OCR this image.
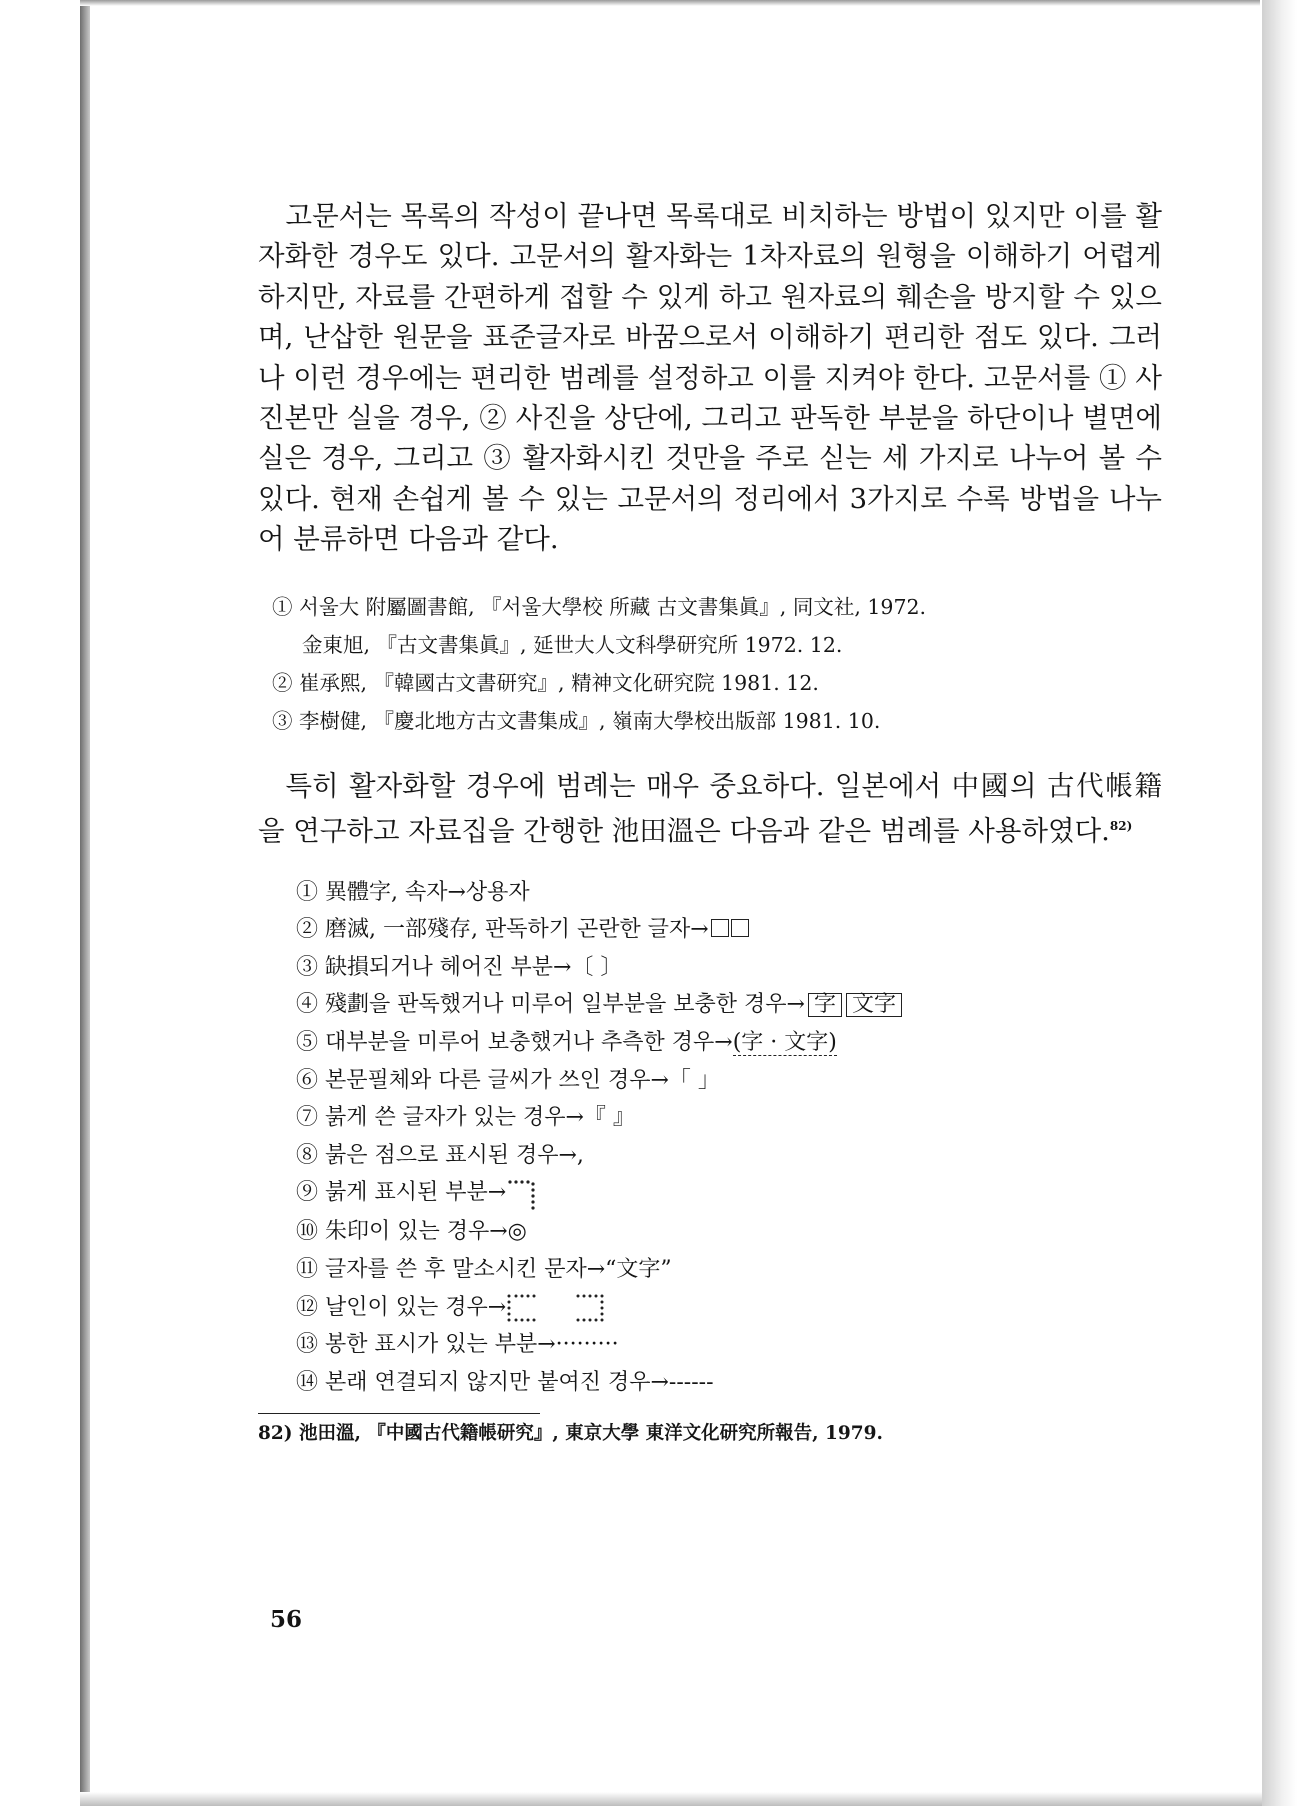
고문서는 목록의 작성이 끝나면 목록대로 비치하는 방법이 있지만 이를 활자화한 경우도 있다. 고문서의 활자화는 1차자료의 원형을 이해하기 어렵게 하지만, 자료를 간편하게 접할 수 있게 하고 원자료의 훼손을 방지할 수 있으며, 난삽한 원문을 표준글자로 바꿈으로서 이해하기 편리한 점도 있다. 그러나 이런 경우에는 편리한 범례를 설정하고 이를 지켜야 한다. 고문서를 ① 사진본만 실을 경우, ② 사진을 상단에, 그리고 판독한 부분을 하단이나 별면에 실은 경우, 그리고 ③ 활자화시킨 것만을 주로 싣는 세 가지로 나누어 볼 수 있다. 현재 손쉽게 볼 수 있는 고문서의 정리에서 3가지로 수록 방법을 나누어 분류하면 다음과 같다.

① 서울大 附屬圖書館, 『서울大學校 所藏 古文書集眞』, 同文社, 1972.
金東旭, 『古文書集眞』, 延世大人文科學研究所 1972. 12.
② 崔承熙, 『韓國古文書研究』, 精神文化研究院 1981. 12.
③ 李樹健, 『慶北地方古文書集成』, 嶺南大學校出版部 1981. 10.

특히 활자화할 경우에 범례는 매우 중요하다. 일본에서 中國의 古代帳籍을 연구하고 자료집을 간행한 池田溫은 다음과 같은 범례를 사용하였다.$^{82)}$

① 異體字, 속자→상용자
② 磨滅, 一部殘存, 판독하기 곤란한 글자→
③ 缺損되거나 헤어진 부분→〔 〕
④ 殘劃을 판독했거나 미루어 일부분을 보충한 경우→ 字 文字
⑤ 대부분을 미루어 보충했거나 추측한 경우→(字 · 文字)
⑥ 본문필체와 다른 글씨가 쓰인 경우→「 」
⑦ 붉게 쓴 글자가 있는 경우→『 』
⑧ 붉은 점으로 표시된 경우→,
⑨ 붉게 표시된 부분→
⑩ 朱印이 있는 경우→◎
⑪ 글자를 쓴 후 말소시킨 문자→“文字”
⑫ 날인이 있는 경우→
⑬ 봉한 표시가 있는 부분→·········
⑭ 본래 연결되지 않지만 붙여진 경우→------

82) 池田溫, 『中國古代籍帳研究』, 東京大學 東洋文化研究所報告, 1979.

56
